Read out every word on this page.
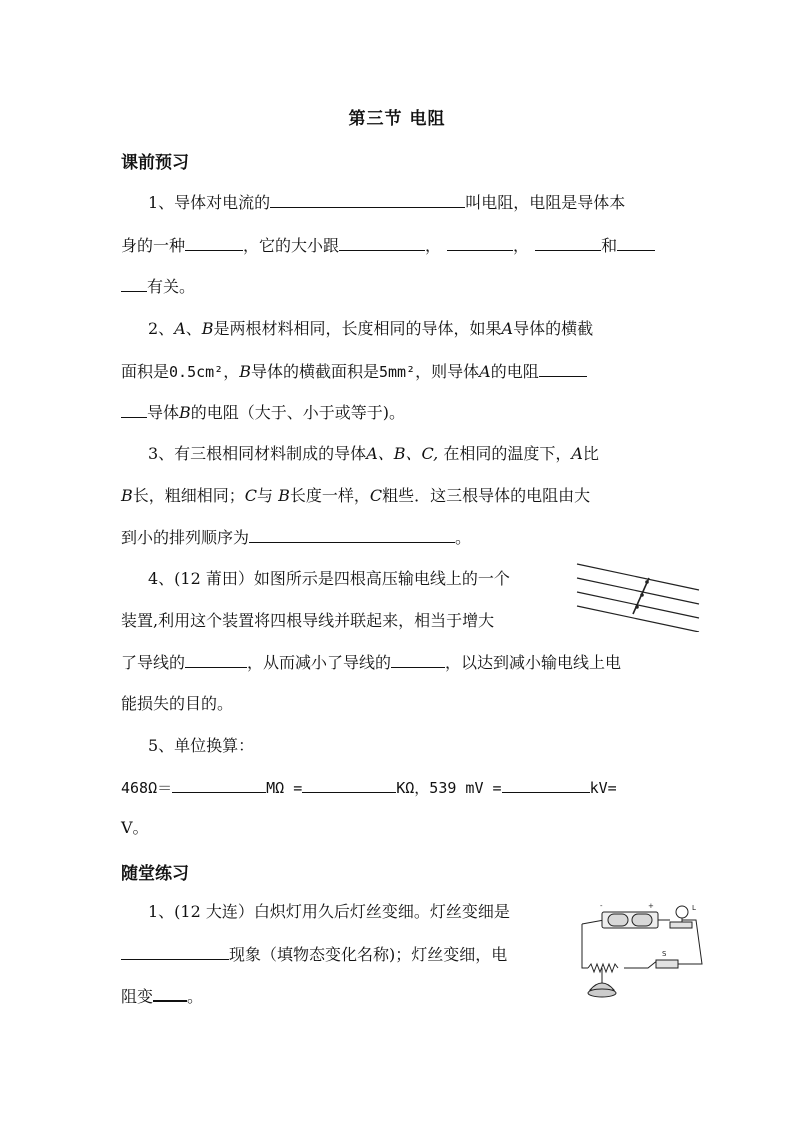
第三节 电阻
课前预习
1、导体对电流的	叫电阻，电阻是导体本
身的一种	，它的大小跟	，	，	和
有关。
2、A、B是两根材料相同，长度相同的导体，如果A导体的横截
面积是0.5cm²，B导体的横截面积是5mm²，则导体A的电阻
导体B的电阻（大于、小于或等于)。
3、有三根相同材料制成的导体A、B、C, 在相同的温度下，A比
B长，粗细相同；C与 B长度一样，C粗些．这三根导体的电阻由大
到小的排列顺序为	。
4、(12 莆田）如图所示是四根高压输电线上的一个
装置,利用这个装置将四根导线并联起来，相当于增大
了导线的	，从而减小了导线的	，以达到减小输电线上电
能损失的目的。
5、单位换算：
468Ω＝	MΩ =	KΩ，539 mV =	kV=
V。
随堂练习
1、(12 大连）白炽灯用久后灯丝变细。灯丝变细是
现象（填物态变化名称)；灯丝变细，电
阻变 。
-	+	L
S
